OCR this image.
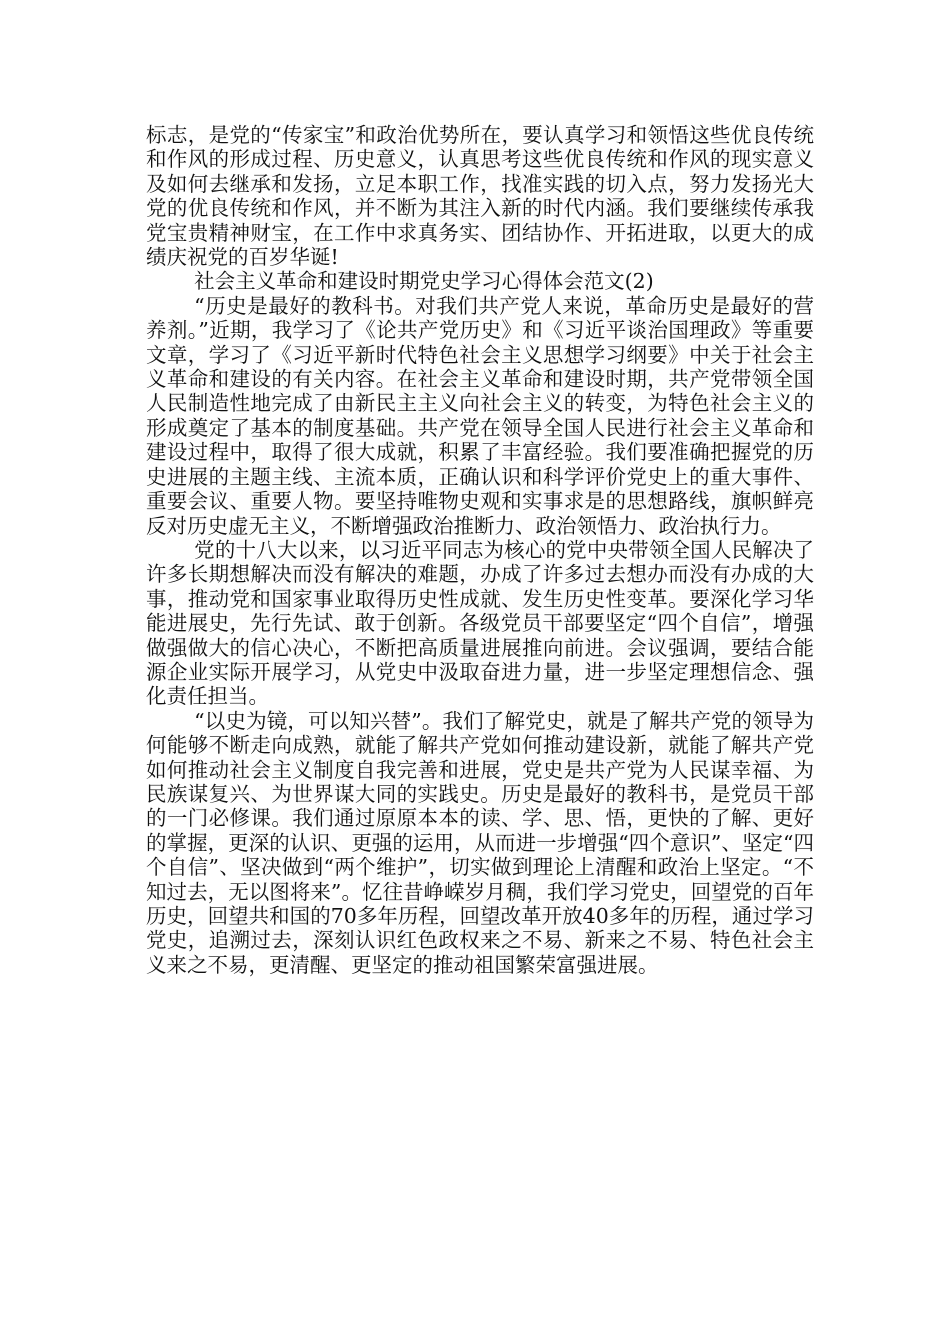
标志，是党的“传家宝”和政治优势所在，要认真学习和领悟这些优良传统和作风的形成过程、历史意义，认真思考这些优良传统和作风的现实意义及如何去继承和发扬，立足本职工作，找准实践的切入点，努力发扬光大党的优良传统和作风，并不断为其注入新的时代内涵。我们要继续传承我党宝贵精神财宝，在工作中求真务实、团结协作、开拓进取，以更大的成绩庆祝党的百岁华诞!

社会主义革命和建设时期党史学习心得体会范文(2)

“历史是最好的教科书。对我们共产党人来说，革命历史是最好的营养剂。”近期，我学习了《论共产党历史》和《习近平谈治国理政》等重要文章，学习了《习近平新时代特色社会主义思想学习纲要》中关于社会主义革命和建设的有关内容。在社会主义革命和建设时期，共产党带领全国人民制造性地完成了由新民主主义向社会主义的转变，为特色社会主义的形成奠定了基本的制度基础。共产党在领导全国人民进行社会主义革命和建设过程中，取得了很大成就，积累了丰富经验。我们要准确把握党的历史进展的主题主线、主流本质，正确认识和科学评价党史上的重大事件、重要会议、重要人物。要坚持唯物史观和实事求是的思想路线，旗帜鲜亮反对历史虚无主义，不断增强政治推断力、政治领悟力、政治执行力。

党的十八大以来，以习近平同志为核心的党中央带领全国人民解决了许多长期想解决而没有解决的难题，办成了许多过去想办而没有办成的大事，推动党和国家事业取得历史性成就、发生历史性变革。要深化学习华能进展史，先行先试、敢于创新。各级党员干部要坚定“四个自信”，增强做强做大的信心决心，不断把高质量进展推向前进。会议强调，要结合能源企业实际开展学习，从党史中汲取奋进力量，进一步坚定理想信念、强化责任担当。

“以史为镜，可以知兴替”。我们了解党史，就是了解共产党的领导为何能够不断走向成熟，就能了解共产党如何推动建设新，就能了解共产党如何推动社会主义制度自我完善和进展，党史是共产党为人民谋幸福、为民族谋复兴、为世界谋大同的实践史。历史是最好的教科书，是党员干部的一门必修课。我们通过原原本本的读、学、思、悟，更快的了解、更好的掌握，更深的认识、更强的运用，从而进一步增强“四个意识”、坚定“四个自信”、坚决做到“两个维护”，切实做到理论上清醒和政治上坚定。“不知过去，无以图将来”。忆往昔峥嵘岁月稠，我们学习党史，回望党的百年历史，回望共和国的70多年历程，回望改革开放40多年的历程，通过学习党史，追溯过去，深刻认识红色政权来之不易、新来之不易、特色社会主义来之不易，更清醒、更坚定的推动祖国繁荣富强进展。
